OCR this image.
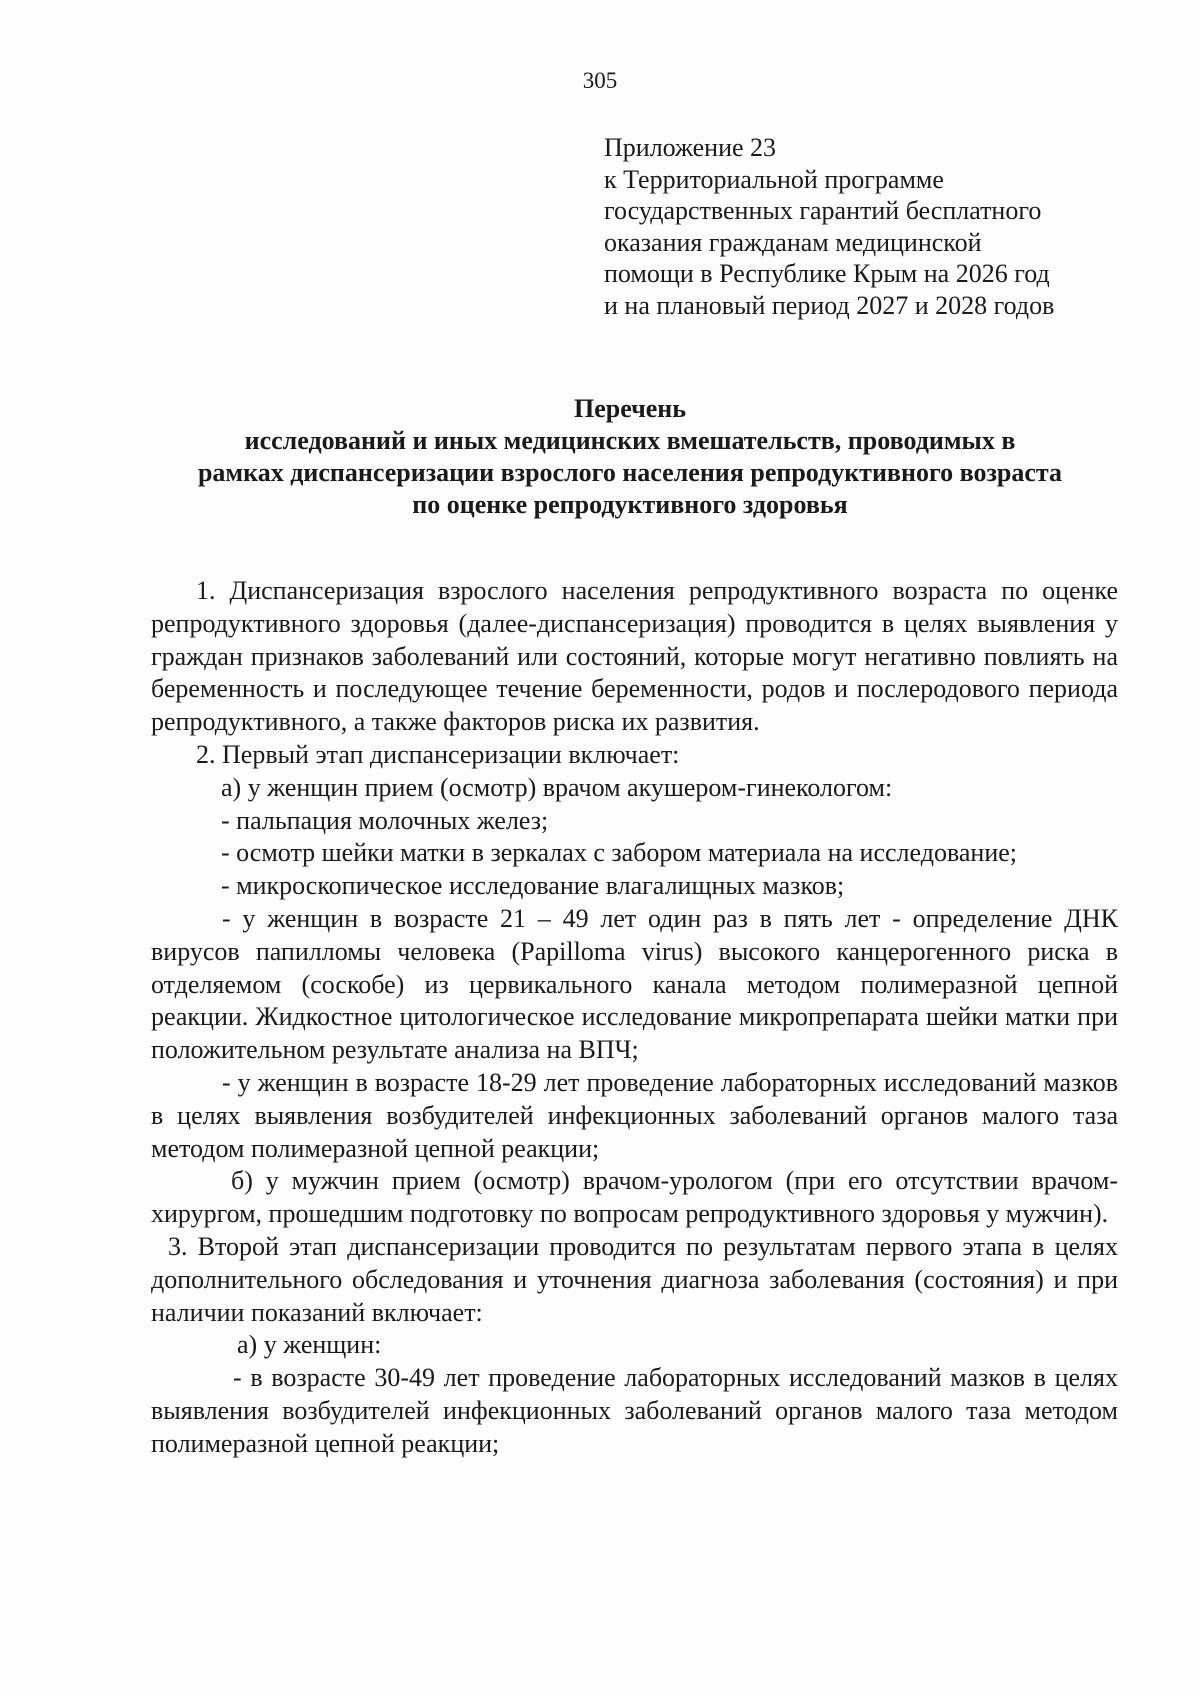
305
Приложение 23
к Территориальной программе
государственных гарантий бесплатного
оказания гражданам медицинской
помощи в Республике Крым на 2026 год
и на плановый период 2027 и 2028 годов
Перечень
исследований и иных медицинских вмешательств, проводимых в
рамках диспансеризации взрослого населения репродуктивного возраста
по оценке репродуктивного здоровья

1. Диспансеризация взрослого населения репродуктивного возраста по оценке репродуктивного здоровья (далее-диспансеризация) проводится в целях выявления у граждан признаков заболеваний или состояний, которые могут негативно повлиять на беременность и последующее течение беременности, родов и послеродового периода репродуктивного, а также факторов риска их развития.

2. Первый этап диспансеризации включает:

а) у женщин прием (осмотр) врачом акушером-гинекологом:

- пальпация молочных желез;

- осмотр шейки матки в зеркалах с забором материала на исследование;

- микроскопическое исследование влагалищных мазков;

- у женщин в возрасте 21 – 49 лет один раз в пять лет - определение ДНК вирусов папилломы человека (Papilloma virus) высокого канцерогенного риска в отделяемом (соскобе) из цервикального канала методом полимеразной цепной реакции. Жидкостное цитологическое исследование микропрепарата шейки матки при положительном результате анализа на ВПЧ;

- у женщин в возрасте 18-29 лет проведение лабораторных исследований мазков в целях выявления возбудителей инфекционных заболеваний органов малого таза методом полимеразной цепной реакции;

б) у мужчин прием (осмотр) врачом-урологом (при его отсутствии врачом-хирургом, прошедшим подготовку по вопросам репродуктивного здоровья у мужчин).

3. Второй этап диспансеризации проводится по результатам первого этапа в целях дополнительного обследования и уточнения диагноза заболевания (состояния) и при наличии показаний включает:

а) у женщин:

- в возрасте 30-49 лет проведение лабораторных исследований мазков в целях выявления возбудителей инфекционных заболеваний органов малого таза методом полимеразной цепной реакции;
